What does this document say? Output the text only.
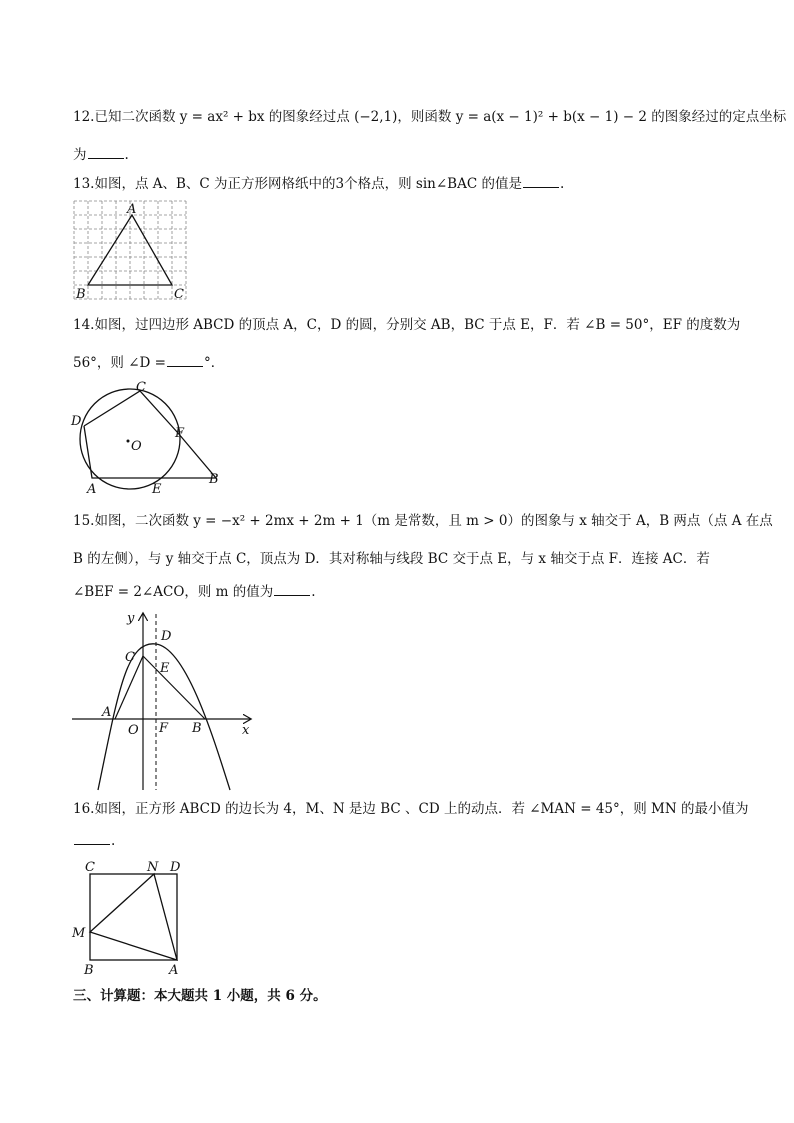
12.已知二次函数 y = ax² + bx 的图象经过点 (−2,1)，则函数 y = a(x − 1)² + b(x − 1) − 2 的图象经过的定点坐标
为	.
13.如图，点 A、B、C 为正方形网格纸中的3个格点，则 sin∠BAC 的值是	.
A
B	C
14.如图，过四边形 ABCD 的顶点 A，C，D 的圆，分别交 AB，BC 于点 E，F．若 ∠B = 50°，EF 的度数为
56°，则 ∠D =	°．
C
D
F
O
A	E
B
15.如图，二次函数 y = −x² + 2mx + 2m + 1（m 是常数，且 m > 0）的图象与 x 轴交于 A，B 两点（点 A 在点
B 的左侧），与 y 轴交于点 C，顶点为 D．其对称轴与线段 BC 交于点 E，与 x 轴交于点 F．连接 AC．若
∠BEF = 2∠ACO，则 m 的值为	.
y
D
C
E
A
O F B	x
16.如图，正方形 ABCD 的边长为 4，M、N 是边 BC 、CD 上的动点．若 ∠MAN = 45°，则 MN 的最小值为
.
C	N D
M
B	A
三、计算题：本大题共 1 小题，共 6 分。
